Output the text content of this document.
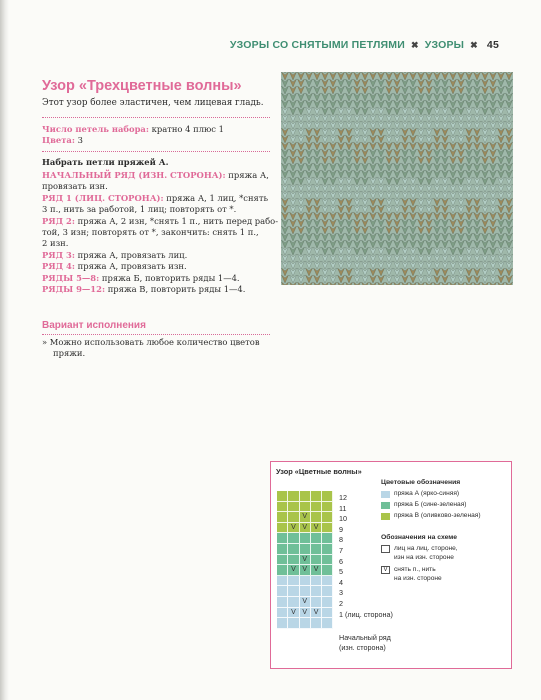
УЗОРЫ СО СНЯТЫМИ ПЕТЛЯМИ ✖ УЗОРЫ ✖ 45
Узор «Трехцветные волны»
Этот узор более эластичен, чем лицевая гладь.
Число петель набора: кратно 4 плюс 1
Цвета: 3
Набрать петли пряжей А.
НАЧАЛЬНЫЙ РЯД (ИЗН. СТОРОНА): пряжа А,
провязать изн.
РЯД 1 (ЛИЦ. СТОРОНА): пряжа А, 1 лиц, *снять
3 п., нить за работой, 1 лиц; повторять от *.
РЯД 2: пряжа А, 2 изн, *снять 1 п., нить перед рабо-
той, 3 изн; повторять от *, закончить: снять 1 п.,
2 изн.
РЯД 3: пряжа А, провязать лиц.
РЯД 4: пряжа А, провязать изн.
РЯДЫ 5—8: пряжа Б, повторить ряды 1—4.
РЯДЫ 9—12: пряжа В, повторить ряды 1—4.
Вариант исполнения
» Можно использовать любое количество цветов
пряжи.
Узор «Цветные волны»
V
V V V
V
V V V
V
V V V
12
11
10
9
8
7
6
5
4
3
2
1 (лиц. сторона)
Начальный ряд
(изн. сторона)
Цветовые обозначения
пряжа А (ярко-синяя)
пряжа Б (сине-зеленая)
пряжа В (оливково-зеленая)
Обозначения на схеме
лиц на лиц. стороне,
изн на изн. стороне
V снять п., нить
на изн. стороне
